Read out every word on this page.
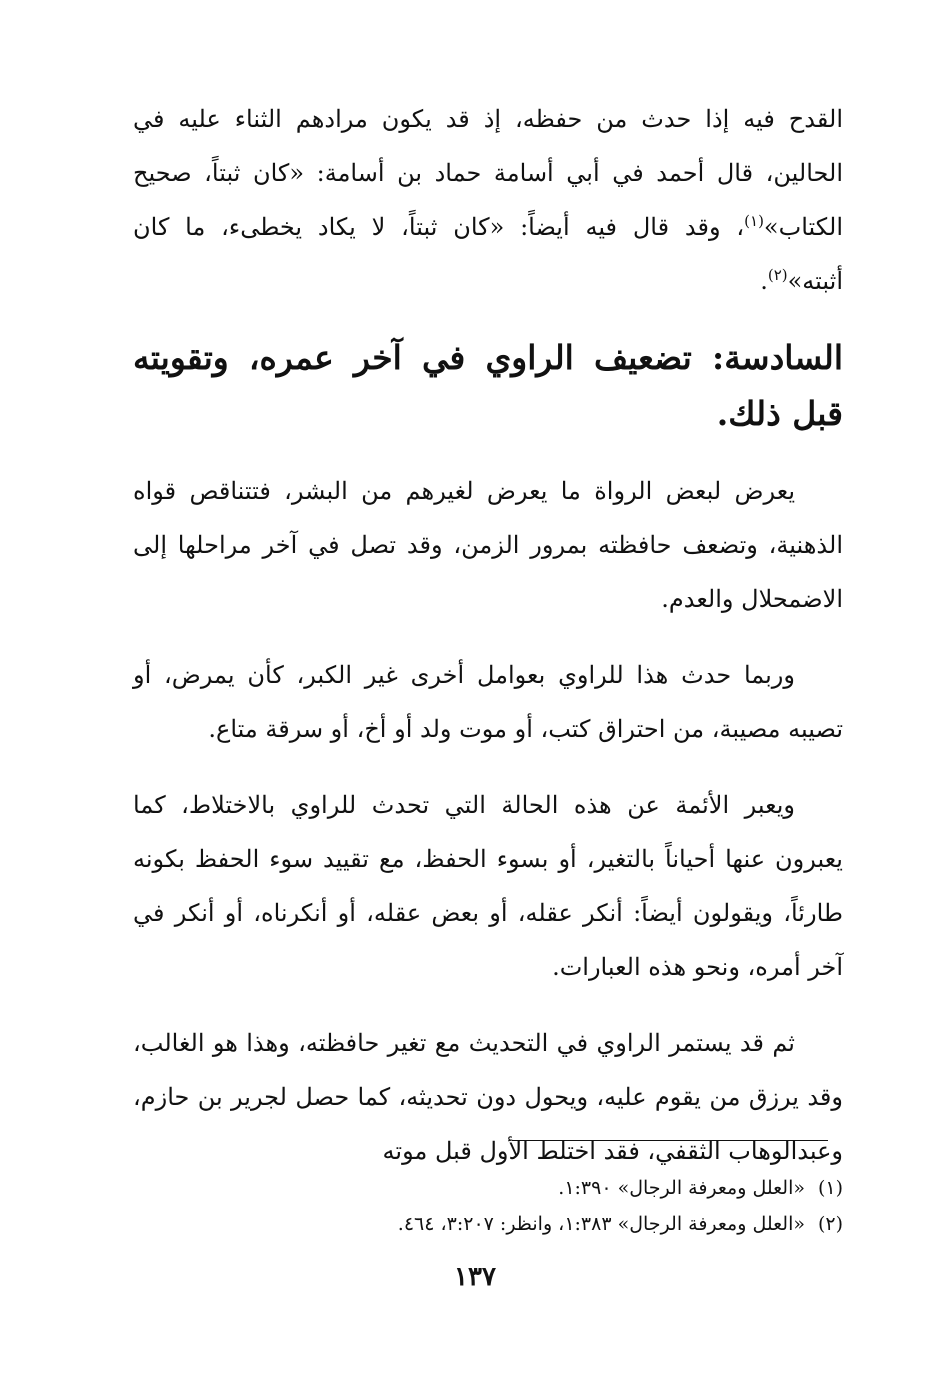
القدح فيه إذا حدث من حفظه، إذ قد يكون مرادهم الثناء عليه في الحالين، قال أحمد في أبي أسامة حماد بن أسامة: «كان ثبتاً، صحيح الكتاب»$^{(١)}$، وقد قال فيه أيضاً: «كان ثبتاً، لا يكاد يخطىء، ما كان أثبته»$^{(٢)}$.

السادسة: تضعيف الراوي في آخر عمره، وتقويته قبل ذلك.

يعرض لبعض الرواة ما يعرض لغيرهم من البشر، فتتناقص قواه الذهنية، وتضعف حافظته بمرور الزمن، وقد تصل في آخر مراحلها إلى الاضمحلال والعدم.

وربما حدث هذا للراوي بعوامل أخرى غير الكبر، كأن يمرض، أو تصيبه مصيبة، من احتراق كتب، أو موت ولد أو أخ، أو سرقة متاع.

ويعبر الأئمة عن هذه الحالة التي تحدث للراوي بالاختلاط، كما يعبرون عنها أحياناً بالتغير، أو بسوء الحفظ، مع تقييد سوء الحفظ بكونه طارئاً، ويقولون أيضاً: أنكر عقله، أو بعض عقله، أو أنكرناه، أو أنكر في آخر أمره، ونحو هذه العبارات.

ثم قد يستمر الراوي في التحديث مع تغير حافظته، وهذا هو الغالب، وقد يرزق من يقوم عليه، ويحول دون تحديثه، كما حصل لجرير بن حازم، وعبدالوهاب الثقفي، فقد اختلط الأول قبل موته

(١)«العلل ومعرفة الرجال» ١:٣٩٠.
(٢)«العلل ومعرفة الرجال» ١:٣٨٣، وانظر: ٣:٢٠٧، ٤٦٤.
١٣٧
